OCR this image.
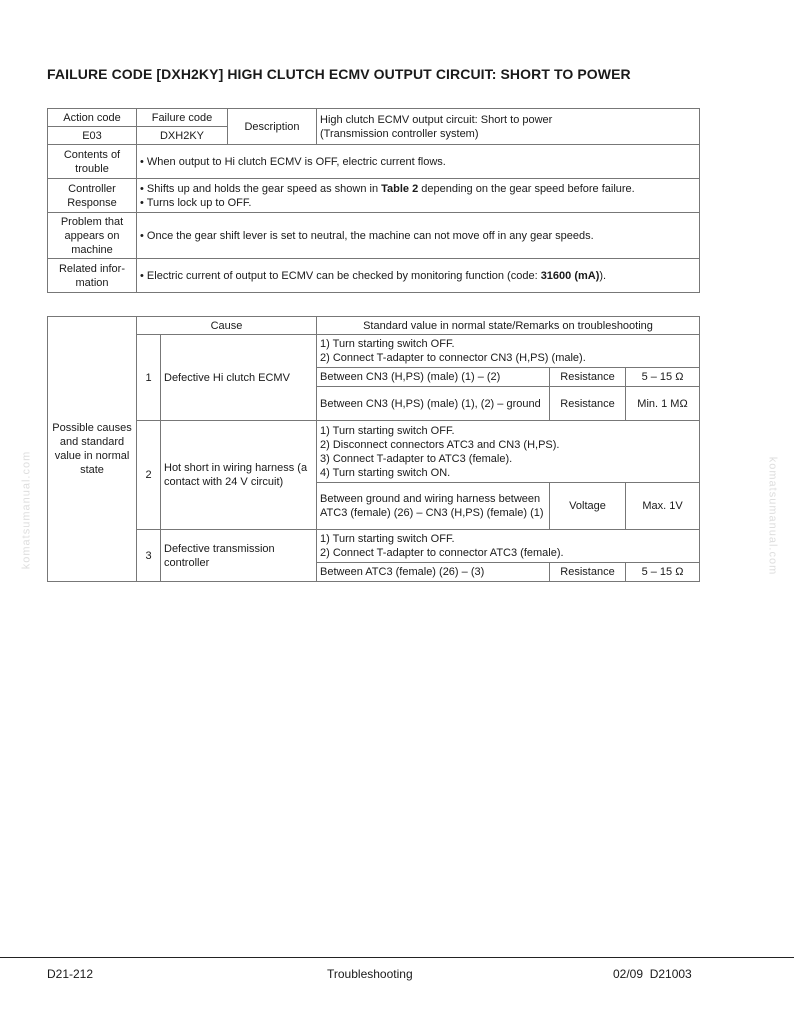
FAILURE CODE [DXH2KY] HIGH CLUTCH ECMV OUTPUT CIRCUIT: SHORT TO POWER
Action code	Failure code	Description	High clutch ECMV output circuit: Short to power
(Transmission controller system)

E03	DXH2KY		
Contents of trouble	• When output to Hi clutch ECMV is OFF, electric current flows.
Controller Response	• Shifts up and holds the gear speed as shown in Table 2 depending on the gear speed before failure.
• Turns lock up to OFF.

Problem that appears on machine	• Once the gear shift lever is set to neutral, the machine can not move off in any gear speeds.
Related infor-mation	• Electric current of output to ECMV can be checked by monitoring function (code: 31600 (mA)).
Possible causes and standard value in normal state	Cause		Standard value in normal state/Remarks on troubleshooting		
	1	Defective Hi clutch ECMV	1) Turn starting switch OFF.
2) Connect T-adapter to connector CN3 (H,PS) (male).		

			Between CN3 (H,PS) (male) (1) – (2)	Resistance	5 – 15 Ω
			Between CN3 (H,PS) (male) (1), (2) – ground	Resistance	Min. 1 MΩ
	2	Hot short in wiring harness (a contact with 24 V circuit)	1) Turn starting switch OFF.
2) Disconnect connectors ATC3 and CN3 (H,PS).
3) Connect T-adapter to ATC3 (female).
4) Turn starting switch ON.		

			Between ground and wiring harness between ATC3 (female) (26) – CN3 (H,PS) (female) (1)	Voltage	Max. 1V
	3	Defective transmission controller	1) Turn starting switch OFF.
2) Connect T-adapter to connector ATC3 (female).		

			Between ATC3 (female) (26) – (3)	Resistance	5 – 15 Ω
komatsumanual.com	komatsumanual.com
D21-212	Troubleshooting	02/09  D21003
